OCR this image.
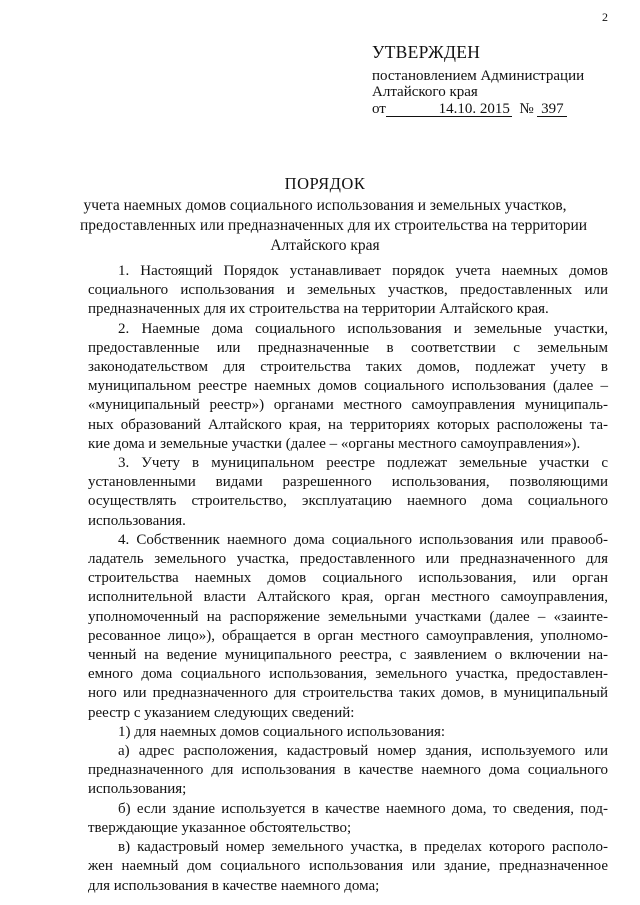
2
УТВЕРЖДЕН
постановлением Администрации
Алтайского края
от	14.10. 2015 № 397
ПОРЯДОК
учета наемных домов социального использования и земельных участков,
предоставленных или предназначенных для их строительства на территории
Алтайского края
1. Настоящий Порядок устанавливает порядок учета наемных домов
социального использования и земельных участков, предоставленных или
предназначенных для их строительства на территории Алтайского края.
2. Наемные дома социального использования и земельные участки,
предоставленные или предназначенные в соответствии с земельным
законодательством для строительства таких домов, подлежат учету в
муниципальном реестре наемных домов социального использования (далее –
«муниципальный реестр») органами местного самоуправления муниципаль-
ных образований Алтайского края, на территориях которых расположены та-
кие дома и земельные участки (далее – «органы местного самоуправления»).
3. Учету в муниципальном реестре подлежат земельные участки с
установленными видами разрешенного использования, позволяющими
осуществлять строительство, эксплуатацию наемного дома социального
использования.
4. Собственник наемного дома социального использования или правооб-
ладатель земельного участка, предоставленного или предназначенного для
строительства наемных домов социального использования, или орган
исполнительной власти Алтайского края, орган местного самоуправления,
уполномоченный на распоряжение земельными участками (далее – «заинте-
ресованное лицо»), обращается в орган местного самоуправления, уполномо-
ченный на ведение муниципального реестра, с заявлением о включении на-
емного дома социального использования, земельного участка, предоставлен-
ного или предназначенного для строительства таких домов, в муниципальный
реестр с указанием следующих сведений:
1) для наемных домов социального использования:
а) адрес расположения, кадастровый номер здания, используемого или
предназначенного для использования в качестве наемного дома социального
использования;
б) если здание используется в качестве наемного дома, то сведения, под-
тверждающие указанное обстоятельство;
в) кадастровый номер земельного участка, в пределах которого располо-
жен наемный дом социального использования или здание, предназначенное
для использования в качестве наемного дома;
